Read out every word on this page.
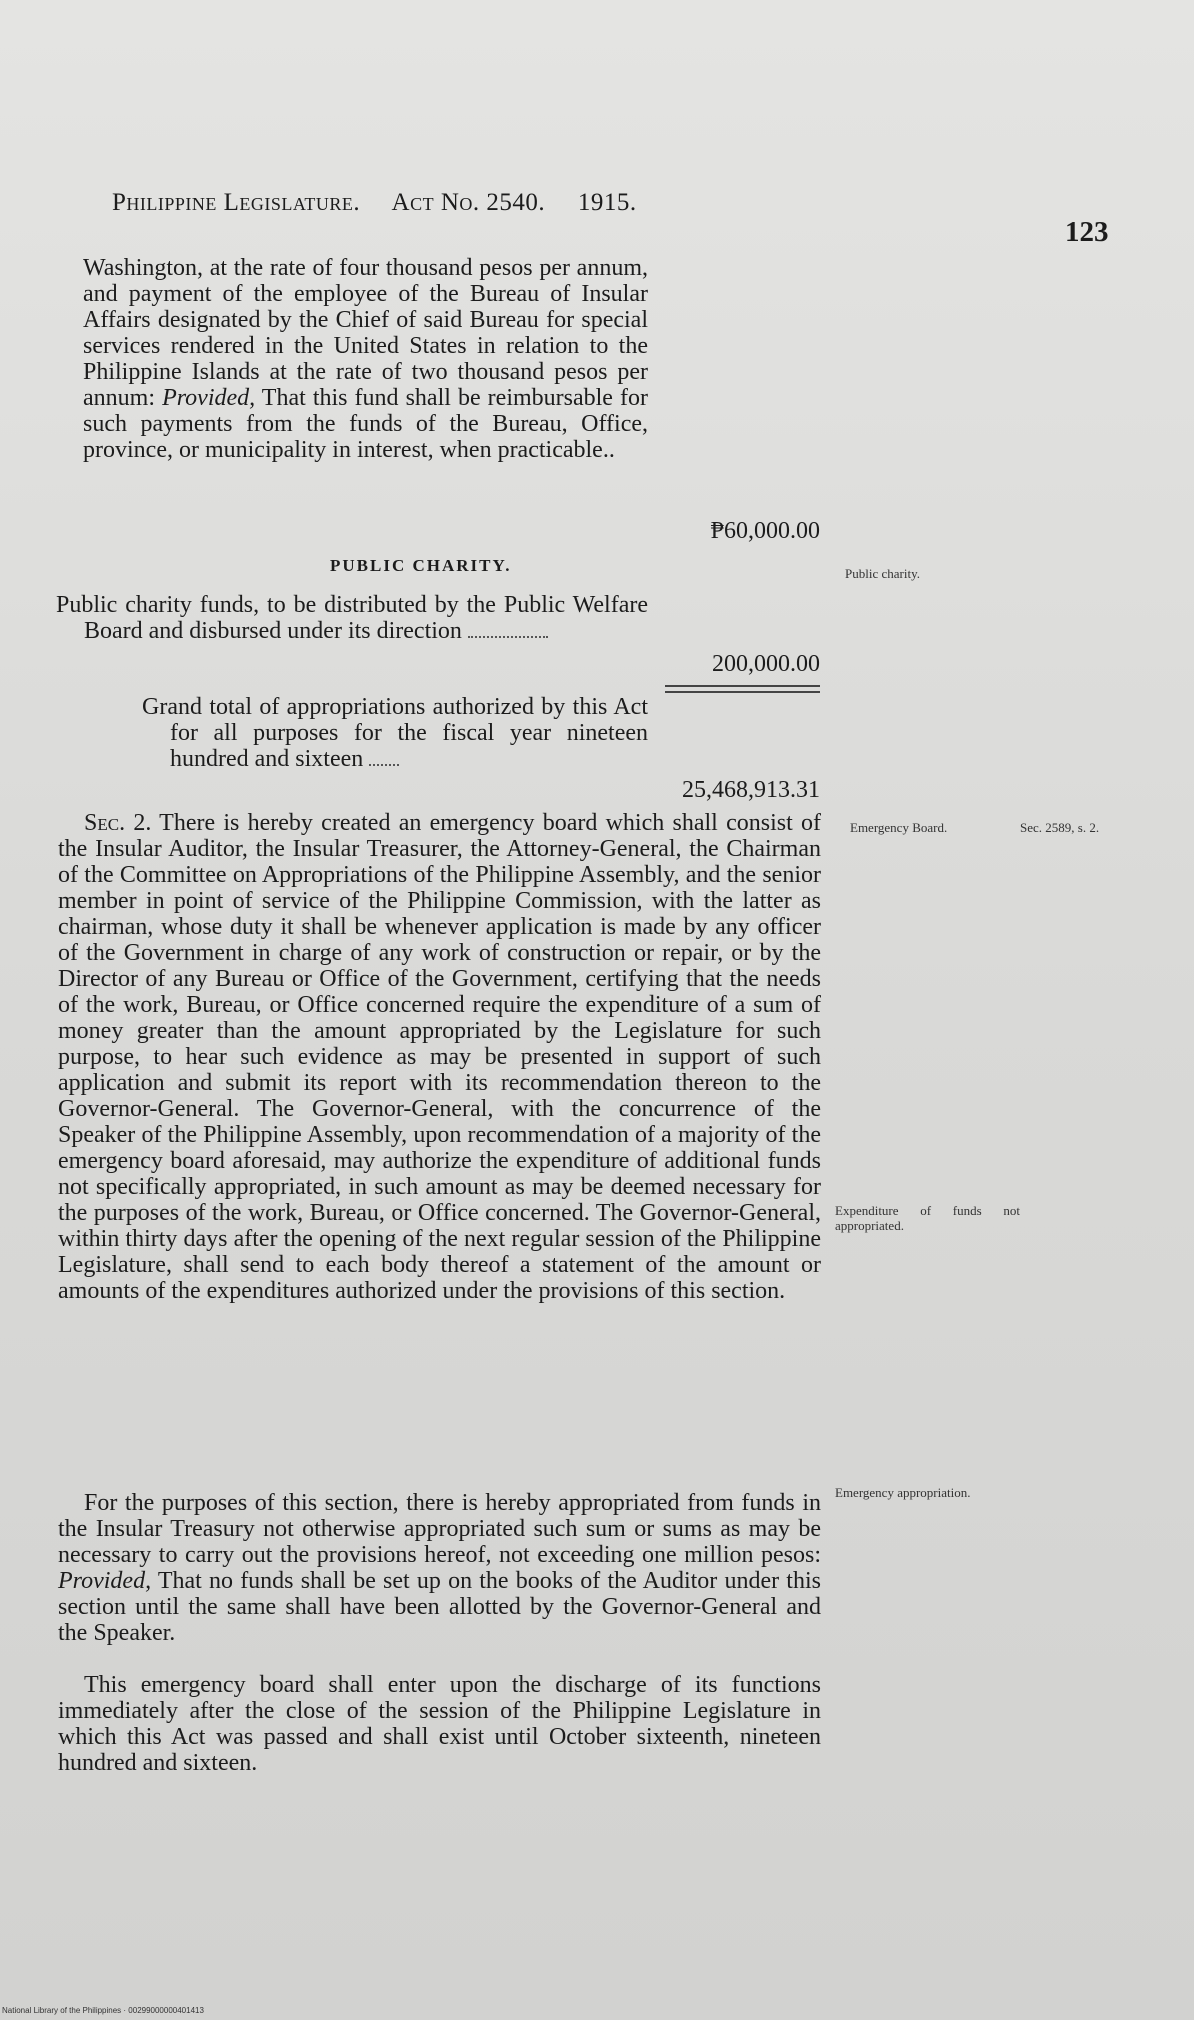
Philippine Legislature. Act No. 2540. 1915.
123

Washington, at the rate of four thousand pesos per annum, and payment of the employee of the Bureau of Insular Affairs designated by the Chief of said Bureau for special services rendered in the United States in relation to the Philippine Islands at the rate of two thousand pesos per annum: Provided, That this fund shall be reimbursable for such payments from the funds of the Bureau, Office, province, or municipality in interest, when practicable..

₱60,000.00
PUBLIC CHARITY.	Public charity.

Public charity funds, to be distributed by the Public Welfare Board and disbursed under its direction

200,000.00

Grand total of appropriations authorized by this Act for all purposes for the fiscal year nineteen hundred and sixteen

25,468,913.31

Sec. 2. There is hereby created an emergency board which shall consist of the Insular Auditor, the Insular Treasurer, the Attorney-General, the Chairman of the Committee on Appropriations of the Philippine Assembly, and the senior member in point of service of the Philippine Commission, with the latter as chairman, whose duty it shall be whenever application is made by any officer of the Government in charge of any work of construction or repair, or by the Director of any Bureau or Office of the Government, certifying that the needs of the work, Bureau, or Office concerned require the expenditure of a sum of money greater than the amount appropriated by the Legislature for such purpose, to hear such evidence as may be presented in support of such application and submit its report with its recommendation thereon to the Governor-General. The Governor-General, with the concurrence of the Speaker of the Philippine Assembly, upon recommendation of a majority of the emergency board aforesaid, may authorize the expenditure of additional funds not specifically appropriated, in such amount as may be deemed necessary for the purposes of the work, Bureau, or Office concerned. The Governor-General, within thirty days after the opening of the next regular session of the Philippine Legislature, shall send to each body thereof a statement of the amount or amounts of the expenditures authorized under the provisions of this section.

For the purposes of this section, there is hereby appropriated from funds in the Insular Treasury not otherwise appropriated such sum or sums as may be necessary to carry out the provisions hereof, not exceeding one million pesos: Provided, That no funds shall be set up on the books of the Auditor under this section until the same shall have been allotted by the Governor-General and the Speaker.

This emergency board shall enter upon the discharge of its functions immediately after the close of the session of the Philippine Legislature in which this Act was passed and shall exist until October sixteenth, nineteen hundred and sixteen.

Emergency Board.	Sec. 2589, s. 2.
Expenditure of funds not appropriated.
Emergency appropriation.
National Library of the Philippines · 00299000000401413
